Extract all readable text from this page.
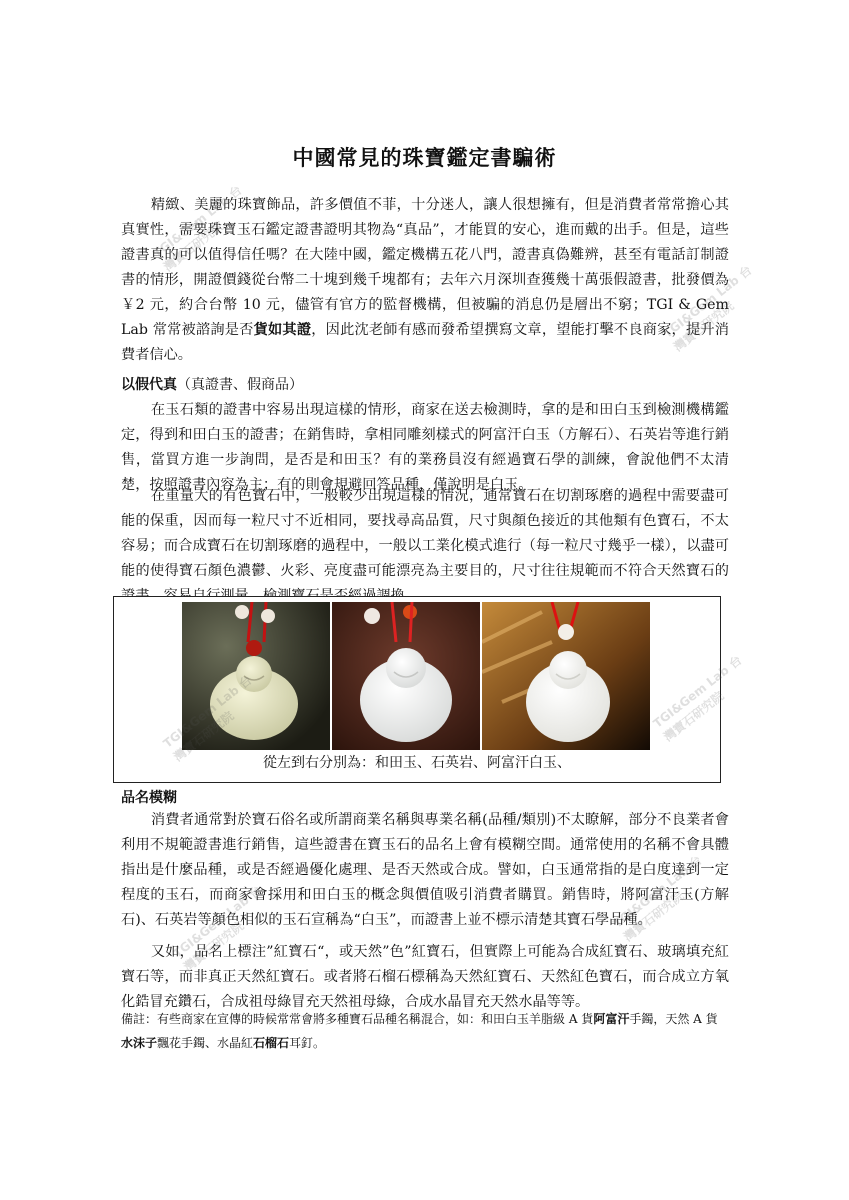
中國常見的珠寶鑑定書騙術
精緻、美麗的珠寶飾品，許多價值不菲，十分迷人，讓人很想擁有，但是消費者常常擔心其真實性，需要珠寶玉石鑑定證書證明其物為“真品”，才能買的安心，進而戴的出手。但是，這些證書真的可以值得信任嗎？在大陸中國，鑑定機構五花八門，證書真偽難辨，甚至有電話訂制證書的情形，開證價錢從台幣二十塊到幾千塊都有；去年六月深圳查獲幾十萬張假證書，批發價為￥2 元，約合台幣 10 元，儘管有官方的監督機構，但被騙的消息仍是層出不窮；TGI & Gem Lab 常常被諮詢是否貨如其證，因此沈老師有感而發希望撰寫文章，望能打擊不良商家，提升消費者信心。
以假代真（真證書、假商品）
在玉石類的證書中容易出現這樣的情形，商家在送去檢測時，拿的是和田白玉到檢測機構鑑定，得到和田白玉的證書；在銷售時，拿相同雕刻樣式的阿富汗白玉（方解石）、石英岩等進行銷售，當買方進一步詢問，是否是和田玉？有的業務員沒有經過寶石學的訓練，會說他們不太清楚，按照證書內容為主；有的則會規避回答品種，僅說明是白玉。
在重量大的有色寶石中，一般較少出現這樣的情況，通常寶石在切割琢磨的過程中需要盡可能的保重，因而每一粒尺寸不近相同，要找尋高品質，尺寸與顏色接近的其他類有色寶石，不太容易；而合成寶石在切割琢磨的過程中，一般以工業化模式進行（每一粒尺寸幾乎一樣），以盡可能的使得寶石顏色濃鬱、火彩、亮度盡可能漂亮為主要目的，尺寸往往規範而不符合天然寶石的
從左到右分別為：和田玉、石英岩、阿富汗白玉、
品名模糊
消費者通常對於寶石俗名或所謂商業名稱與專業名稱(品種/類別)不太瞭解，部分不良業者會利用不規範證書進行銷售，這些證書在寶玉石的品名上會有模糊空間。通常使用的名稱不會具體指出是什麼品種，或是否經過優化處理、是否天然或合成。譬如，白玉通常指的是白度達到一定程度的玉石，而商家會採用和田白玉的概念與價值吸引消費者購買。銷售時，將阿富汗玉(方解石)、石英岩等顏色相似的玉石宣稱為“白玉”，而證書上並不標示清楚其寶石學品種。
又如，品名上標注”紅寶石“，或天然”色”紅寶石，但實際上可能為合成紅寶石、玻璃填充紅寶石等，而非真正天然紅寶石。或者將石榴石標稱為天然紅寶石、天然紅色寶石，而合成立方氧化鋯冒充鑽石，合成祖母綠冒充天然祖母綠，合成水晶冒充天然水晶等等。
備註：有些商家在宣傳的時候常常會將多種寶石品種名稱混合，如：和田白玉羊脂級 A 貨阿富汗手鐲，天然 A 貨水沫子飄花手鐲、水晶紅石榴石耳釘。
TGI&Gem Lab 台灣寶石研究院
TGI&Gem Lab 台灣寶石研究院
TGI&Gem Lab 台灣寶石研究院
TGI&Gem Lab 台灣寶石研究院
TGI&Gem Lab 台灣寶石研究院
TGI&Gem Lab 台灣寶石研究院
